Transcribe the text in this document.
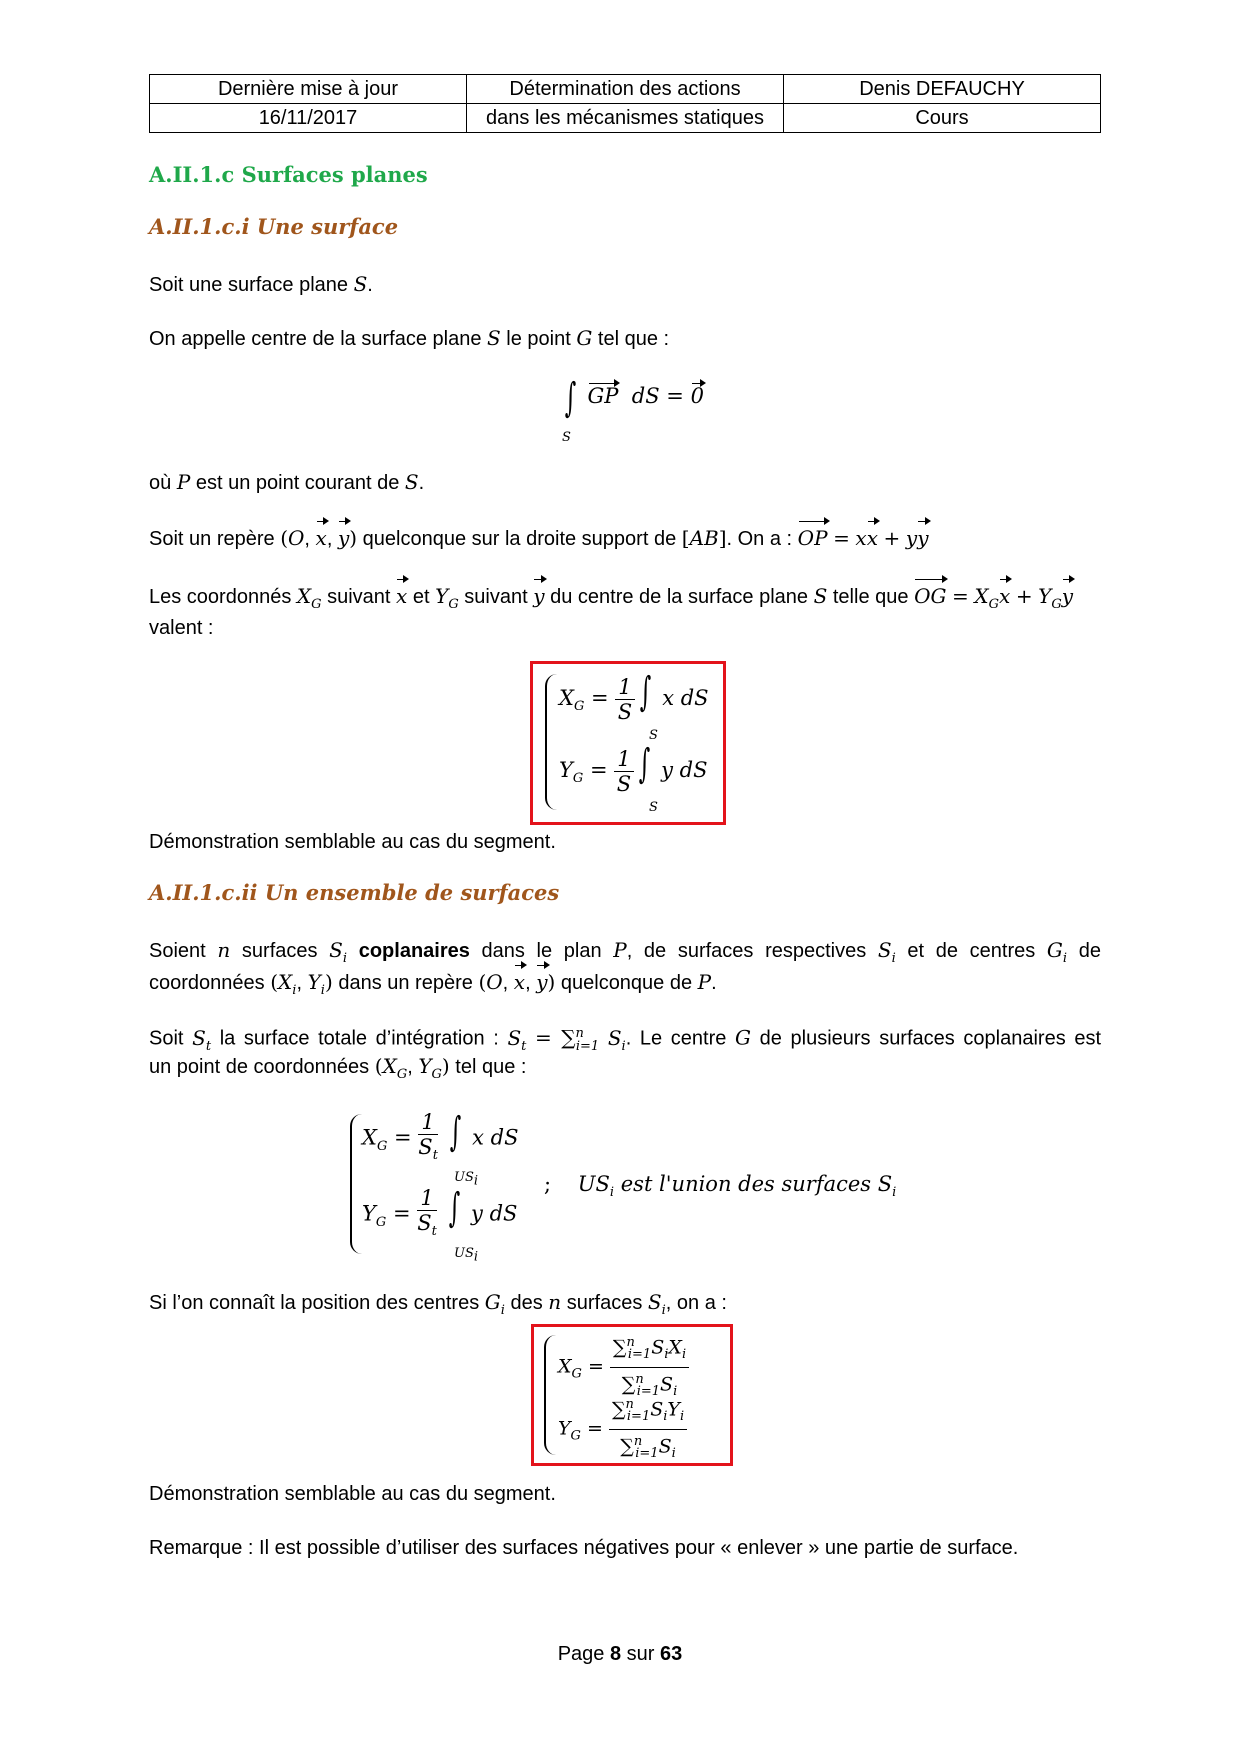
Dernière mise à jour	Détermination des actions	Denis DEFAUCHY
16/11/2017	dans les mécanismes statiques	Cours
A.II.1.c Surfaces planes
A.II.1.c.i Une surface
Soit une surface plane S.
On appelle centre de la surface plane S le point G tel que :
∫ GP  dS = 0
S
où P est un point courant de S.
Soit un repère (O, x, y) quelconque sur la droite support de [AB]. On a : OP = xx + yy
Les coordonnés $X_G$ suivant x et $Y_G$ suivant y du centre de la surface plane S telle que OG = $X_Gx + Y_Gy$
valent :
$X_G = \frac{1}{S}$ ∫ x dS
S
$Y_G = \frac{1}{S}$ ∫ y dS
S
Démonstration semblable au cas du segment.
A.II.1.c.ii Un ensemble de surfaces
Soient n surfaces $S_i$ coplanaires dans le plan P, de surfaces respectives $S_i$ et de centres $G_i$ de
coordonnées ($X_i$, $Y_i$) dans un repère (O, x, y) quelconque de P.
Soit $S_t$ la surface totale d’intégration : $S_t = \sum^n_{i=1}$ $S_i$. Le centre G de plusieurs surfaces coplanaires est
un point de coordonnées ($X_G$, $Y_G$) tel que :
$X_G = \frac{1}{S_t}$ ∫ x dS
$US_i$
$Y_G = \frac{1}{S_t}$ ∫ y dS
$US_i$
; $US_i$ est l'union des surfaces $S_i$
Si l’on connaît la position des centres $G_i$ des n surfaces $S_i$, on a :
$X_G = \frac{\sum^n_{i=1}S_iX_i}{\sum^n_{i=1}S_i}$
$Y_G = \frac{\sum^n_{i=1}S_iY_i}{\sum^n_{i=1}S_i}$
Démonstration semblable au cas du segment.
Remarque : Il est possible d’utiliser des surfaces négatives pour « enlever » une partie de surface.
Page 8 sur 63
